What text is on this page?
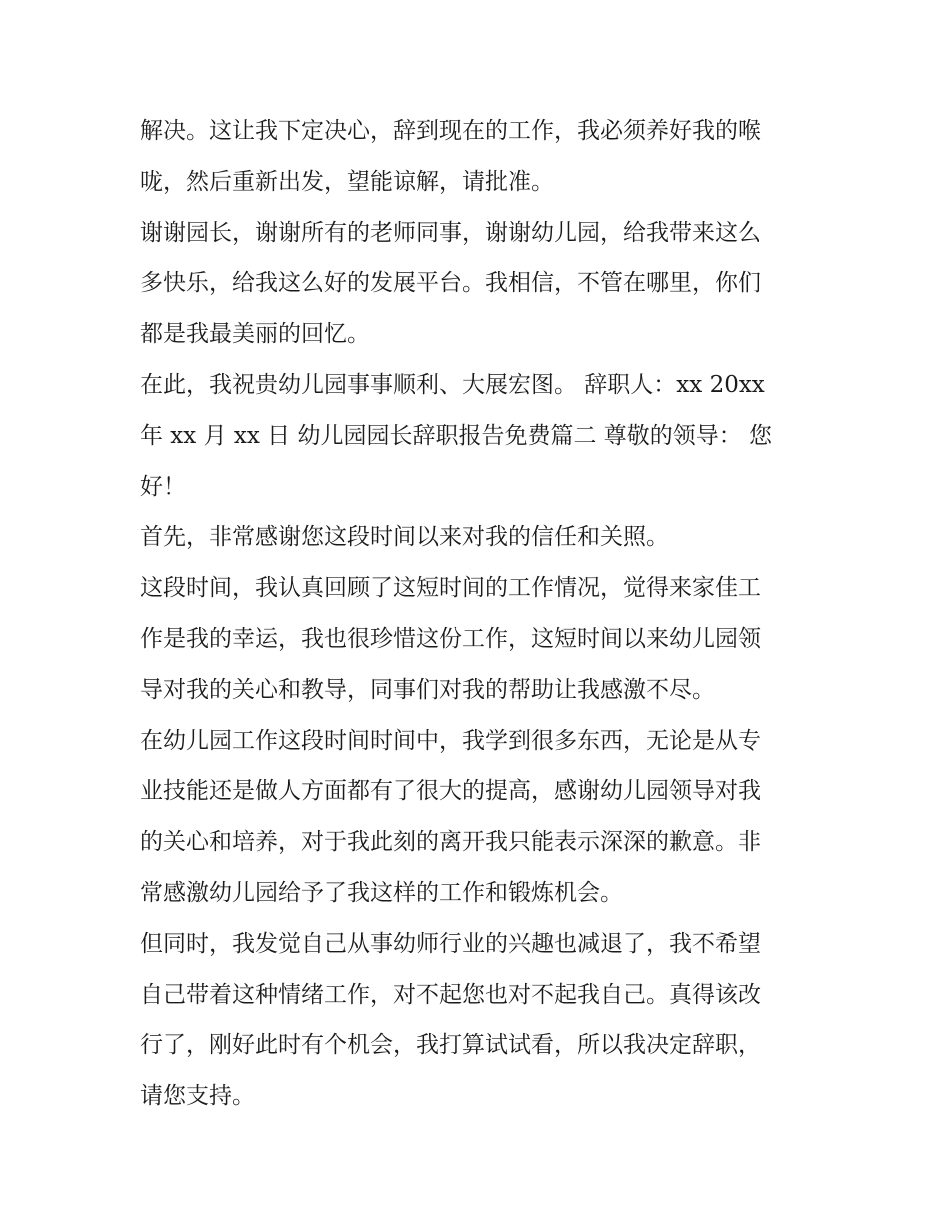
解决。这让我下定决心，辞到现在的工作，我必须养好我的喉
咙，然后重新出发，望能谅解，请批准。

谢谢园长，谢谢所有的老师同事，谢谢幼儿园，给我带来这么
多快乐，给我这么好的发展平台。我相信，不管在哪里，你们
都是我最美丽的回忆。

在此，我祝贵幼儿园事事顺利、大展宏图。 辞职人：xx 20xx
年 xx 月 xx 日 幼儿园园长辞职报告免费篇二 尊敬的领导： 您
好！

首先，非常感谢您这段时间以来对我的信任和关照。

这段时间，我认真回顾了这短时间的工作情况，觉得来家佳工
作是我的幸运，我也很珍惜这份工作，这短时间以来幼儿园领
导对我的关心和教导，同事们对我的帮助让我感激不尽。

在幼儿园工作这段时间时间中，我学到很多东西，无论是从专
业技能还是做人方面都有了很大的提高，感谢幼儿园领导对我
的关心和培养，对于我此刻的离开我只能表示深深的歉意。非
常感激幼儿园给予了我这样的工作和锻炼机会。

但同时，我发觉自己从事幼师行业的兴趣也减退了，我不希望
自己带着这种情绪工作，对不起您也对不起我自己。真得该改
行了，刚好此时有个机会，我打算试试看，所以我决定辞职，
请您支持。
